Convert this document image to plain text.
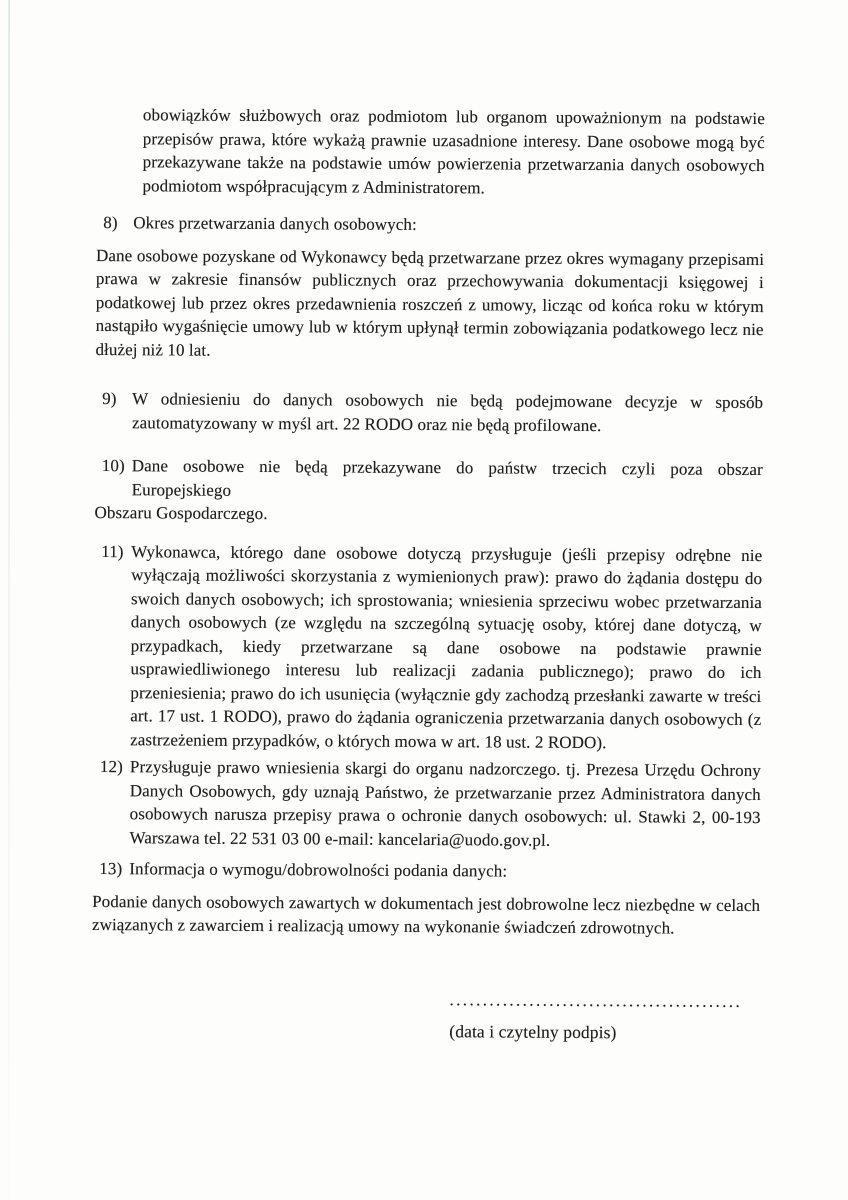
obowiązków służbowych oraz podmiotom lub organom upoważnionym na podstawie przepisów prawa, które wykażą prawnie uzasadnione interesy. Dane osobowe mogą być przekazywane także na podstawie umów powierzenia przetwarzania danych osobowych podmiotom współpracującym z Administratorem.

8) Okres przetwarzania danych osobowych:

Dane osobowe pozyskane od Wykonawcy będą przetwarzane przez okres wymagany przepisami prawa w zakresie finansów publicznych oraz przechowywania dokumentacji księgowej i podatkowej lub przez okres przedawnienia roszczeń z umowy, licząc od końca roku w którym nastąpiło wygaśnięcie umowy lub w którym upłynął termin zobowiązania podatkowego lecz nie dłużej niż 10 lat.

9) W odniesieniu do danych osobowych nie będą podejmowane decyzje w sposób zautomatyzowany w myśl art. 22 RODO oraz nie będą profilowane.
10) Dane osobowe nie będą przekazywane do państw trzecich czyli poza obszar
Europejskiego

Obszaru Gospodarczego.

11) Wykonawca, którego dane osobowe dotyczą przysługuje (jeśli przepisy odrębne nie wyłączają możliwości skorzystania z wymienionych praw): prawo do żądania dostępu do swoich danych osobowych; ich sprostowania; wniesienia sprzeciwu wobec przetwarzania danych osobowych (ze względu na szczególną sytuację osoby, której dane dotyczą, w przypadkach, kiedy przetwarzane są dane osobowe na podstawie prawnie usprawiedliwionego interesu lub realizacji zadania publicznego); prawo do ich przeniesienia; prawo do ich usunięcia (wyłącznie gdy zachodzą przesłanki zawarte w treści art. 17 ust. 1 RODO), prawo do żądania ograniczenia przetwarzania danych osobowych (z zastrzeżeniem przypadków, o których mowa w art. 18 ust. 2 RODO).
12) Przysługuje prawo wniesienia skargi do organu nadzorczego. tj. Prezesa Urzędu Ochrony Danych Osobowych, gdy uznają Państwo, że przetwarzanie przez Administratora danych osobowych narusza przepisy prawa o ochronie danych osobowych: ul. Stawki 2, 00-193 Warszawa tel. 22 531 03 00 e-mail: kancelaria@uodo.gov.pl.
13) Informacja o wymogu/dobrowolności podania danych:

Podanie danych osobowych zawartych w dokumentach jest dobrowolne lecz niezbędne w celach związanych z zawarciem i realizacją umowy na wykonanie świadczeń zdrowotnych.

............................................
(data i czytelny podpis)
